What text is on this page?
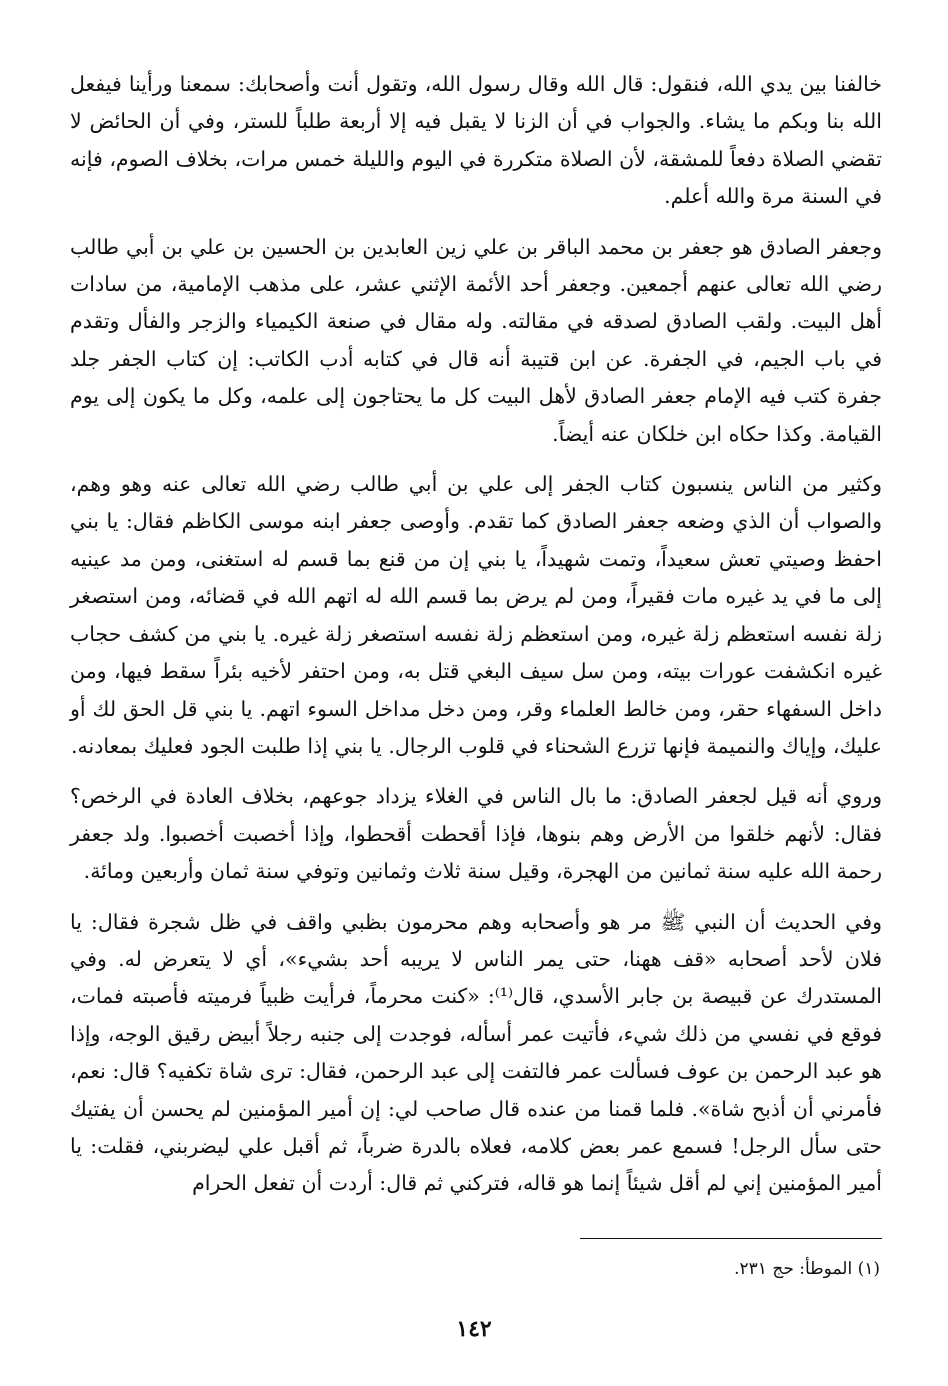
خالفنا بين يدي الله، فنقول: قال الله وقال رسول الله، وتقول أنت وأصحابك: سمعنا ورأينا فيفعل الله بنا وبكم ما يشاء. والجواب في أن الزنا لا يقبل فيه إلا أربعة طلباً للستر، وفي أن الحائض لا تقضي الصلاة دفعاً للمشقة، لأن الصلاة متكررة في اليوم والليلة خمس مرات، بخلاف الصوم، فإنه في السنة مرة والله أعلم.

وجعفر الصادق هو جعفر بن محمد الباقر بن علي زين العابدين بن الحسين بن علي بن أبي طالب رضي الله تعالى عنهم أجمعين. وجعفر أحد الأئمة الإثني عشر، على مذهب الإمامية، من سادات أهل البيت. ولقب الصادق لصدقه في مقالته. وله مقال في صنعة الكيمياء والزجر والفأل وتقدم في باب الجيم، في الجفرة. عن ابن قتيبة أنه قال في كتابه أدب الكاتب: إن كتاب الجفر جلد جفرة كتب فيه الإمام جعفر الصادق لأهل البيت كل ما يحتاجون إلى علمه، وكل ما يكون إلى يوم القيامة. وكذا حكاه ابن خلكان عنه أيضاً.

وكثير من الناس ينسبون كتاب الجفر إلى علي بن أبي طالب رضي الله تعالى عنه وهو وهم، والصواب أن الذي وضعه جعفر الصادق كما تقدم. وأوصى جعفر ابنه موسى الكاظم فقال: يا بني احفظ وصيتي تعش سعيداً، وتمت شهيداً، يا بني إن من قنع بما قسم له استغنى، ومن مد عينيه إلى ما في يد غيره مات فقيراً، ومن لم يرض بما قسم الله له اتهم الله في قضائه، ومن استصغر زلة نفسه استعظم زلة غيره، ومن استعظم زلة نفسه استصغر زلة غيره. يا بني من كشف حجاب غيره انكشفت عورات بيته، ومن سل سيف البغي قتل به، ومن احتفر لأخيه بئراً سقط فيها، ومن داخل السفهاء حقر، ومن خالط العلماء وقر، ومن دخل مداخل السوء اتهم. يا بني قل الحق لك أو عليك، وإياك والنميمة فإنها تزرع الشحناء في قلوب الرجال. يا بني إذا طلبت الجود فعليك بمعادنه.

وروي أنه قيل لجعفر الصادق: ما بال الناس في الغلاء يزداد جوعهم، بخلاف العادة في الرخص؟ فقال: لأنهم خلقوا من الأرض وهم بنوها، فإذا أقحطت أقحطوا، وإذا أخصبت أخصبوا. ولد جعفر رحمة الله عليه سنة ثمانين من الهجرة، وقيل سنة ثلاث وثمانين وتوفي سنة ثمان وأربعين ومائة.

وفي الحديث أن النبي ﷺ مر هو وأصحابه وهم محرمون بظبي واقف في ظل شجرة فقال: يا فلان لأحد أصحابه «قف ههنا، حتى يمر الناس لا يريبه أحد بشيء»، أي لا يتعرض له. وفي المستدرك عن قبيصة بن جابر الأسدي، قال⁽¹⁾: «كنت محرماً، فرأيت ظبياً فرميته فأصبته فمات، فوقع في نفسي من ذلك شيء، فأتيت عمر أسأله، فوجدت إلى جنبه رجلاً أبيض رقيق الوجه، وإذا هو عبد الرحمن بن عوف فسألت عمر فالتفت إلى عبد الرحمن، فقال: ترى شاة تكفيه؟ قال: نعم، فأمرني أن أذبح شاة». فلما قمنا من عنده قال صاحب لي: إن أمير المؤمنين لم يحسن أن يفتيك حتى سأل الرجل! فسمع عمر بعض كلامه، فعلاه بالدرة ضرباً، ثم أقبل علي ليضربني، فقلت: يا أمير المؤمنين إني لم أقل شيئاً إنما هو قاله، فتركني ثم قال: أردت أن تفعل الحرام

(١) الموطأ: حج ٢٣١.

١٤٢
